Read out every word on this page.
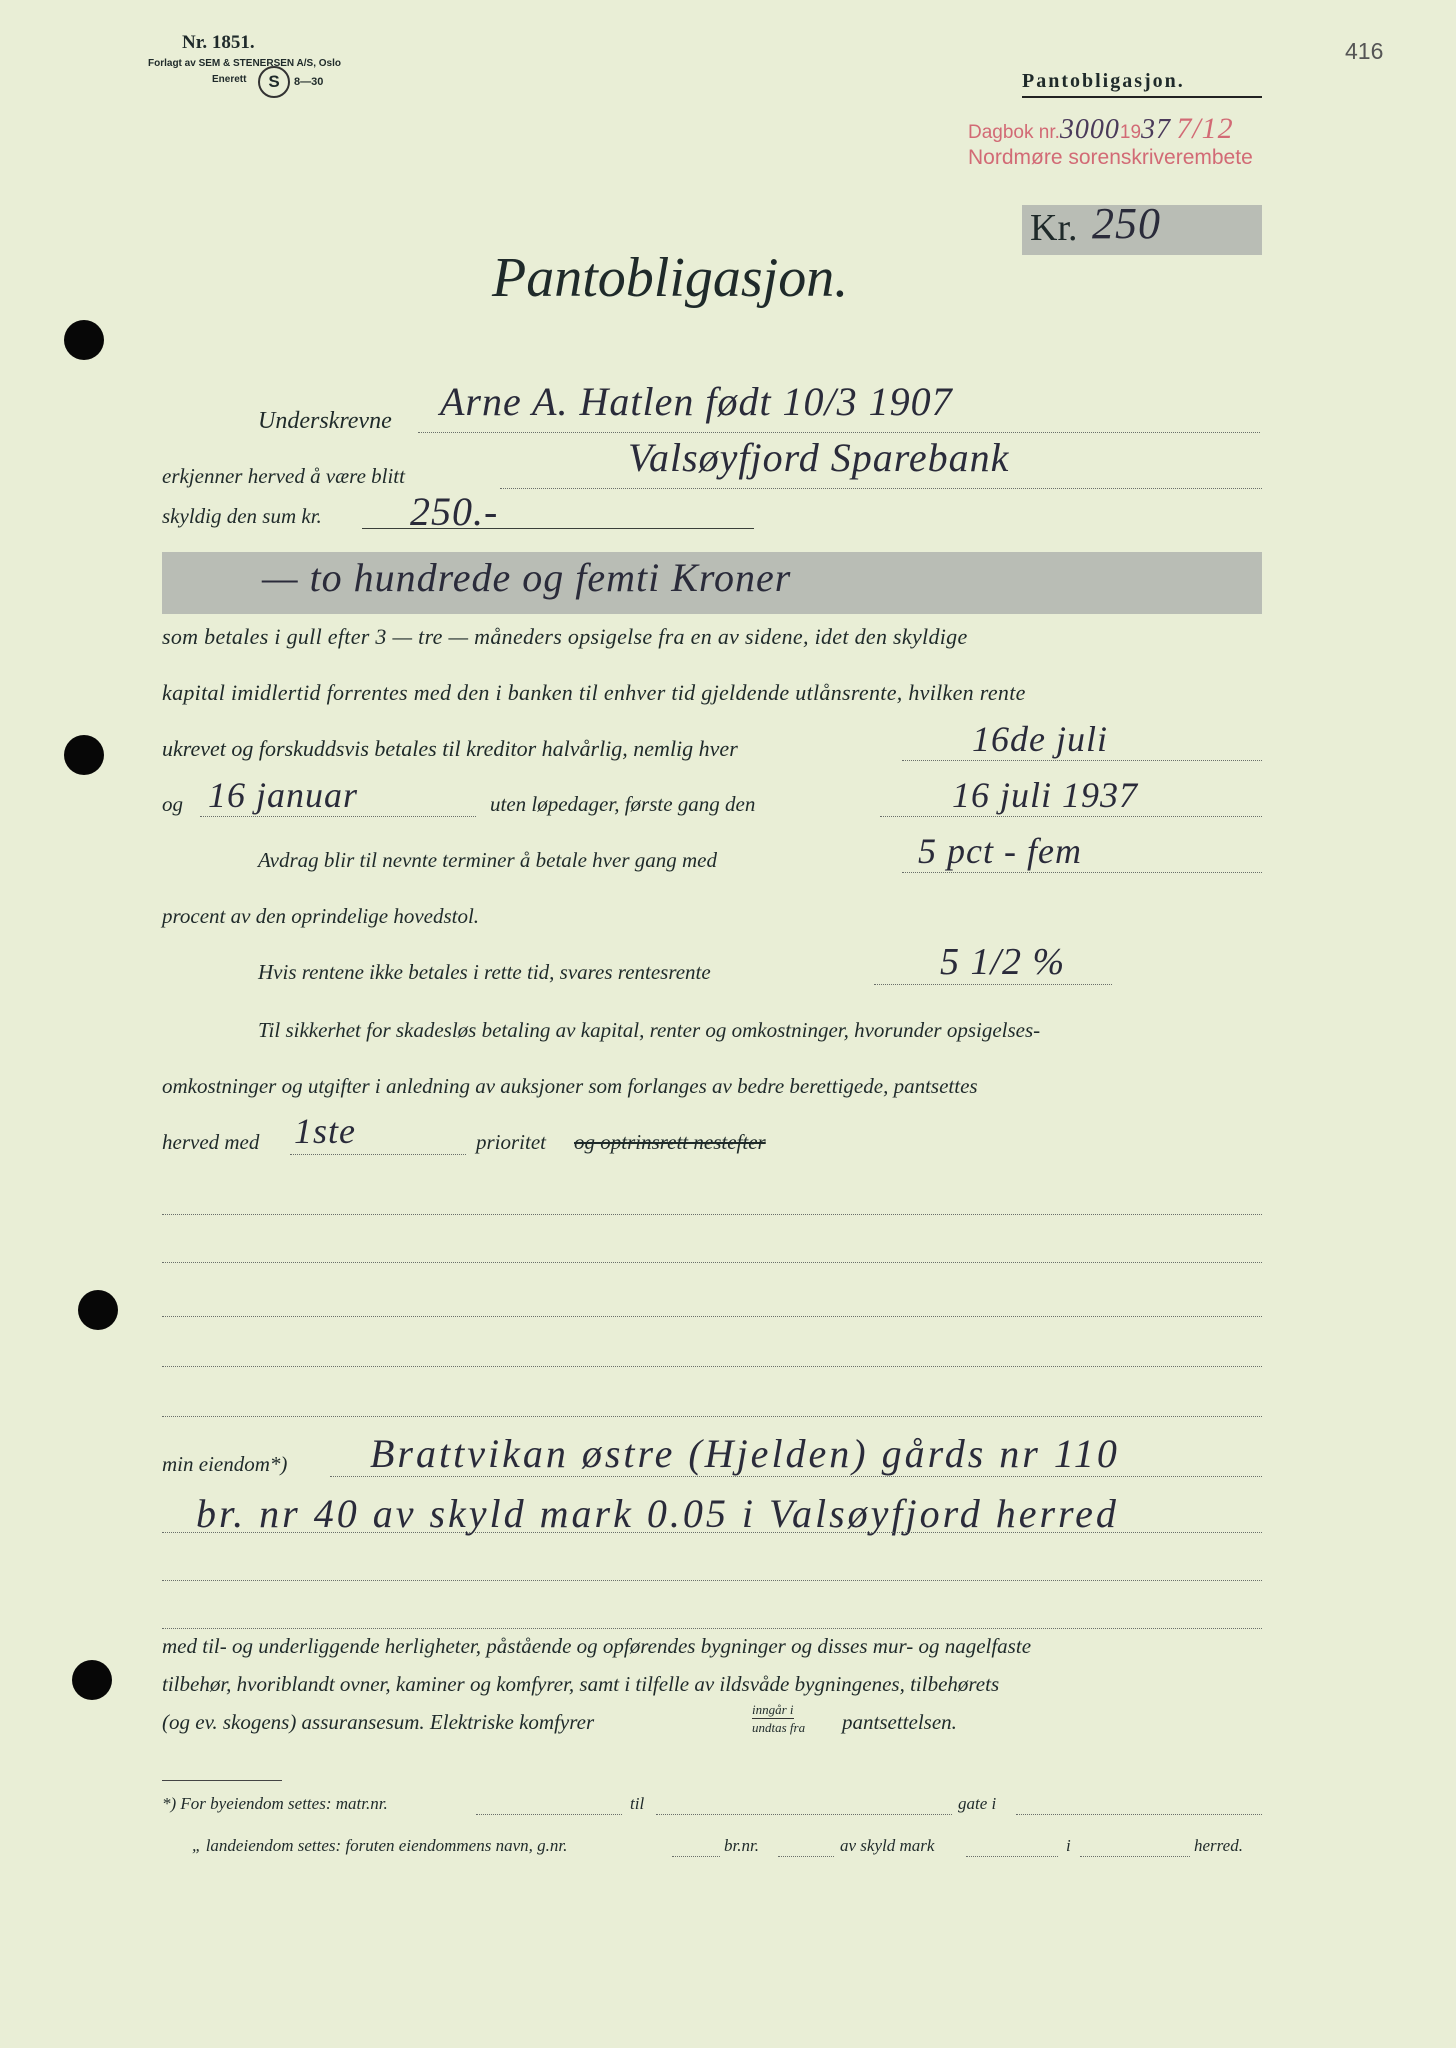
Nr. 1851.
Forlagt av SEM & STENERSEN A/S, Oslo
Enerett S 8—30	Pantobligasjon.
416
Dagbok nr.30001937 7/12
Nordmøre sorenskriverembete
Kr. 250
Pantobligasjon.
Underskrevne Arne A. Hatlen født 10/3 1907
erkjenner herved å være blitt	Valsøyfjord Sparebank
skyldig den sum kr. 250.-
— to hundrede og femti Kroner
som betales i gull efter 3 — tre — måneders opsigelse fra en av sidene, idet den skyldige
kapital imidlertid forrentes med den i banken til enhver tid gjeldende utlånsrente, hvilken rente
ukrevet og forskuddsvis betales til kreditor halvårlig, nemlig hver	16de juli
og 16 januar	uten løpedager, første gang den	16 juli 1937
Avdrag blir til nevnte terminer å betale hver gang med	5 pct - fem
procent av den oprindelige hovedstol.
Hvis rentene ikke betales i rette tid, svares rentesrente	5 1/2 %
Til sikkerhet for skadesløs betaling av kapital, renter og omkostninger, hvorunder opsigelses-
omkostninger og utgifter i anledning av auksjoner som forlanges av bedre berettigede, pantsettes
herved med 1ste	prioritet og optrinsrett nestefter
min eiendom*) Brattvikan østre (Hjelden) gårds nr 110
br. nr 40 av skyld mark 0.05 i Valsøyfjord herred
med til- og underliggende herligheter, påstående og opførendes bygninger og disses mur- og nagelfaste
tilbehør, hvoriblandt ovner, kaminer og komfyrer, samt i tilfelle av ildsvåde bygningenes, tilbehørets
(og ev. skogens) assuransesum. Elektriske komfyrer
inngår i
undtas fra pantsettelsen.
*) For byeiendom settes: matr.nr.	til	gate i
„ landeiendom settes: foruten eiendommens navn, g.nr.	br.nr.	av skyld mark	i	herred.
